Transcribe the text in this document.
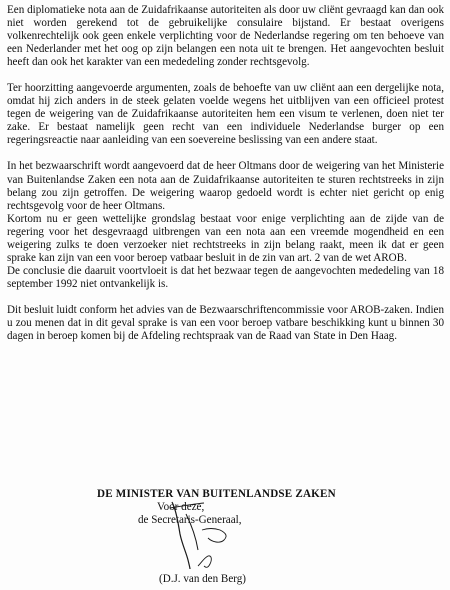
Een diplomatieke nota aan de Zuidafrikaanse autoriteiten als door uw cliënt gevraagd kan dan ook niet worden gerekend tot de gebruikelijke consulaire bijstand. Er bestaat overigens volkenrechtelijk ook geen enkele verplichting voor de Nederlandse regering om ten behoeve van een Nederlander met het oog op zijn belangen een nota uit te brengen. Het aangevochten besluit heeft dan ook het karakter van een mededeling zonder rechtsgevolg.

Ter hoorzitting aangevoerde argumenten, zoals de behoefte van uw cliënt aan een dergelijke nota, omdat hij zich anders in de steek gelaten voelde wegens het uitblijven van een officieel protest tegen de weigering van de Zuidafrikaanse autoriteiten hem een visum te verlenen, doen niet ter zake. Er bestaat namelijk geen recht van een individuele Nederlandse burger op een regeringsreactie naar aanleiding van een soevereine beslissing van een andere staat.

In het bezwaarschrift wordt aangevoerd dat de heer Oltmans door de weigering van het Ministerie van Buitenlandse Zaken een nota aan de Zuidafrikaanse autoriteiten te sturen rechtstreeks in zijn belang zou zijn getroffen. De weigering waarop gedoeld wordt is echter niet gericht op enig rechtsgevolg voor de heer Oltmans.

Kortom nu er geen wettelijke grondslag bestaat voor enige verplichting aan de zijde van de regering voor het desgevraagd uitbrengen van een nota aan een vreemde mogendheid en een weigering zulks te doen verzoeker niet rechtstreeks in zijn belang raakt, meen ik dat er geen sprake kan zijn van een voor beroep vatbaar besluit in de zin van art. 2 van de wet AROB.

De conclusie die daaruit voortvloeit is dat het bezwaar tegen de aangevochten mededeling van 18 september 1992 niet ontvankelijk is.

Dit besluit luidt conform het advies van de Bezwaarschriftencommissie voor AROB-zaken. Indien u zou menen dat in dit geval sprake is van een voor beroep vatbare beschikking kunt u binnen 30 dagen in beroep komen bij de Afdeling rechtspraak van de Raad van State in Den Haag.

DE MINISTER VAN BUITENLANDSE ZAKEN
Voor deze,
de Secretaris-Generaal,
(D.J. van den Berg)
